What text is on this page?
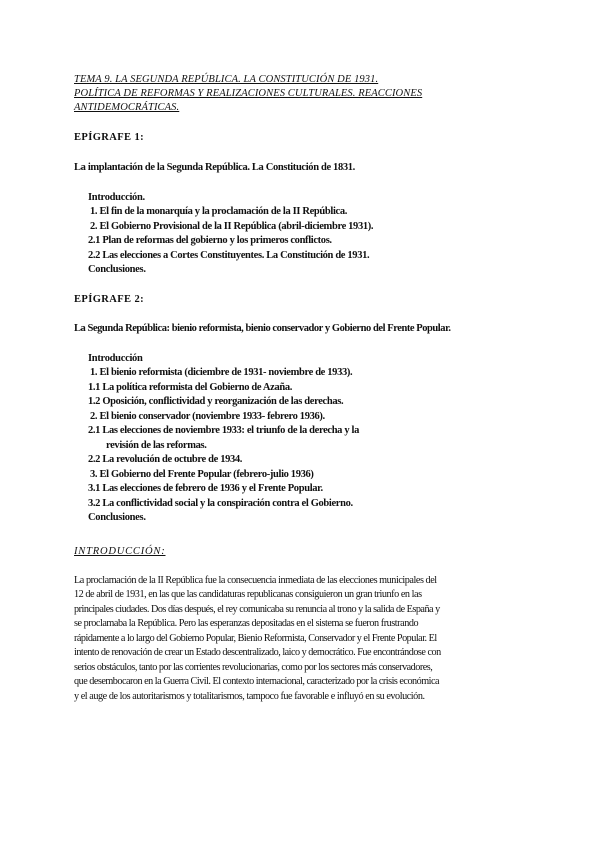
TEMA 9. LA SEGUNDA REPÚBLICA. LA CONSTITUCIÓN DE 1931.
POLÍTICA DE REFORMAS Y REALIZACIONES CULTURALES. REACCIONES
ANTIDEMOCRÁTICAS.
EPÍGRAFE 1:
La implantación de la Segunda República. La Constitución de 1831.
Introducción.
1. El fin de la monarquía y la proclamación de la II República.
2. El Gobierno Provisional de la II República (abril-diciembre 1931).
2.1 Plan de reformas del gobierno y los primeros conflictos.
2.2 Las elecciones a Cortes Constituyentes. La Constitución de 1931.
Conclusiones.
EPÍGRAFE 2:
La Segunda República: bienio reformista, bienio conservador y Gobierno del Frente Popular.
Introducción
1. El bienio reformista (diciembre de 1931- noviembre de 1933).
1.1 La política reformista del Gobierno de Azaña.
1.2 Oposición, conflictividad y reorganización de las derechas.
2. El bienio conservador (noviembre 1933- febrero 1936).
2.1 Las elecciones de noviembre 1933: el triunfo de la derecha y la
revisión de las reformas.
2.2 La revolución de octubre de 1934.
3. El Gobierno del Frente Popular (febrero-julio 1936)
3.1 Las elecciones de febrero de 1936 y el Frente Popular.
3.2 La conflictividad social y la conspiración contra el Gobierno.
Conclusiones.
INTRODUCCIÓN:
La proclamación de la II República fue la consecuencia inmediata de las elecciones municipales del
12 de abril de 1931, en las que las candidaturas republicanas consiguieron un gran triunfo en las
principales ciudades. Dos días después, el rey comunicaba su renuncia al trono y la salida de España y
se proclamaba la República. Pero las esperanzas depositadas en el sistema se fueron frustrando
rápidamente a lo largo del Gobierno Popular, Bienio Reformista, Conservador y el Frente Popular. El
intento de renovación de crear un Estado descentralizado, laico y democrático. Fue encontrándose con
serios obstáculos, tanto por las corrientes revolucionarias, como por los sectores más conservadores,
que desembocaron en la Guerra Civil. El contexto internacional, caracterizado por la crisis económica
y el auge de los autoritarismos y totalitarismos, tampoco fue favorable e influyó en su evolución.
